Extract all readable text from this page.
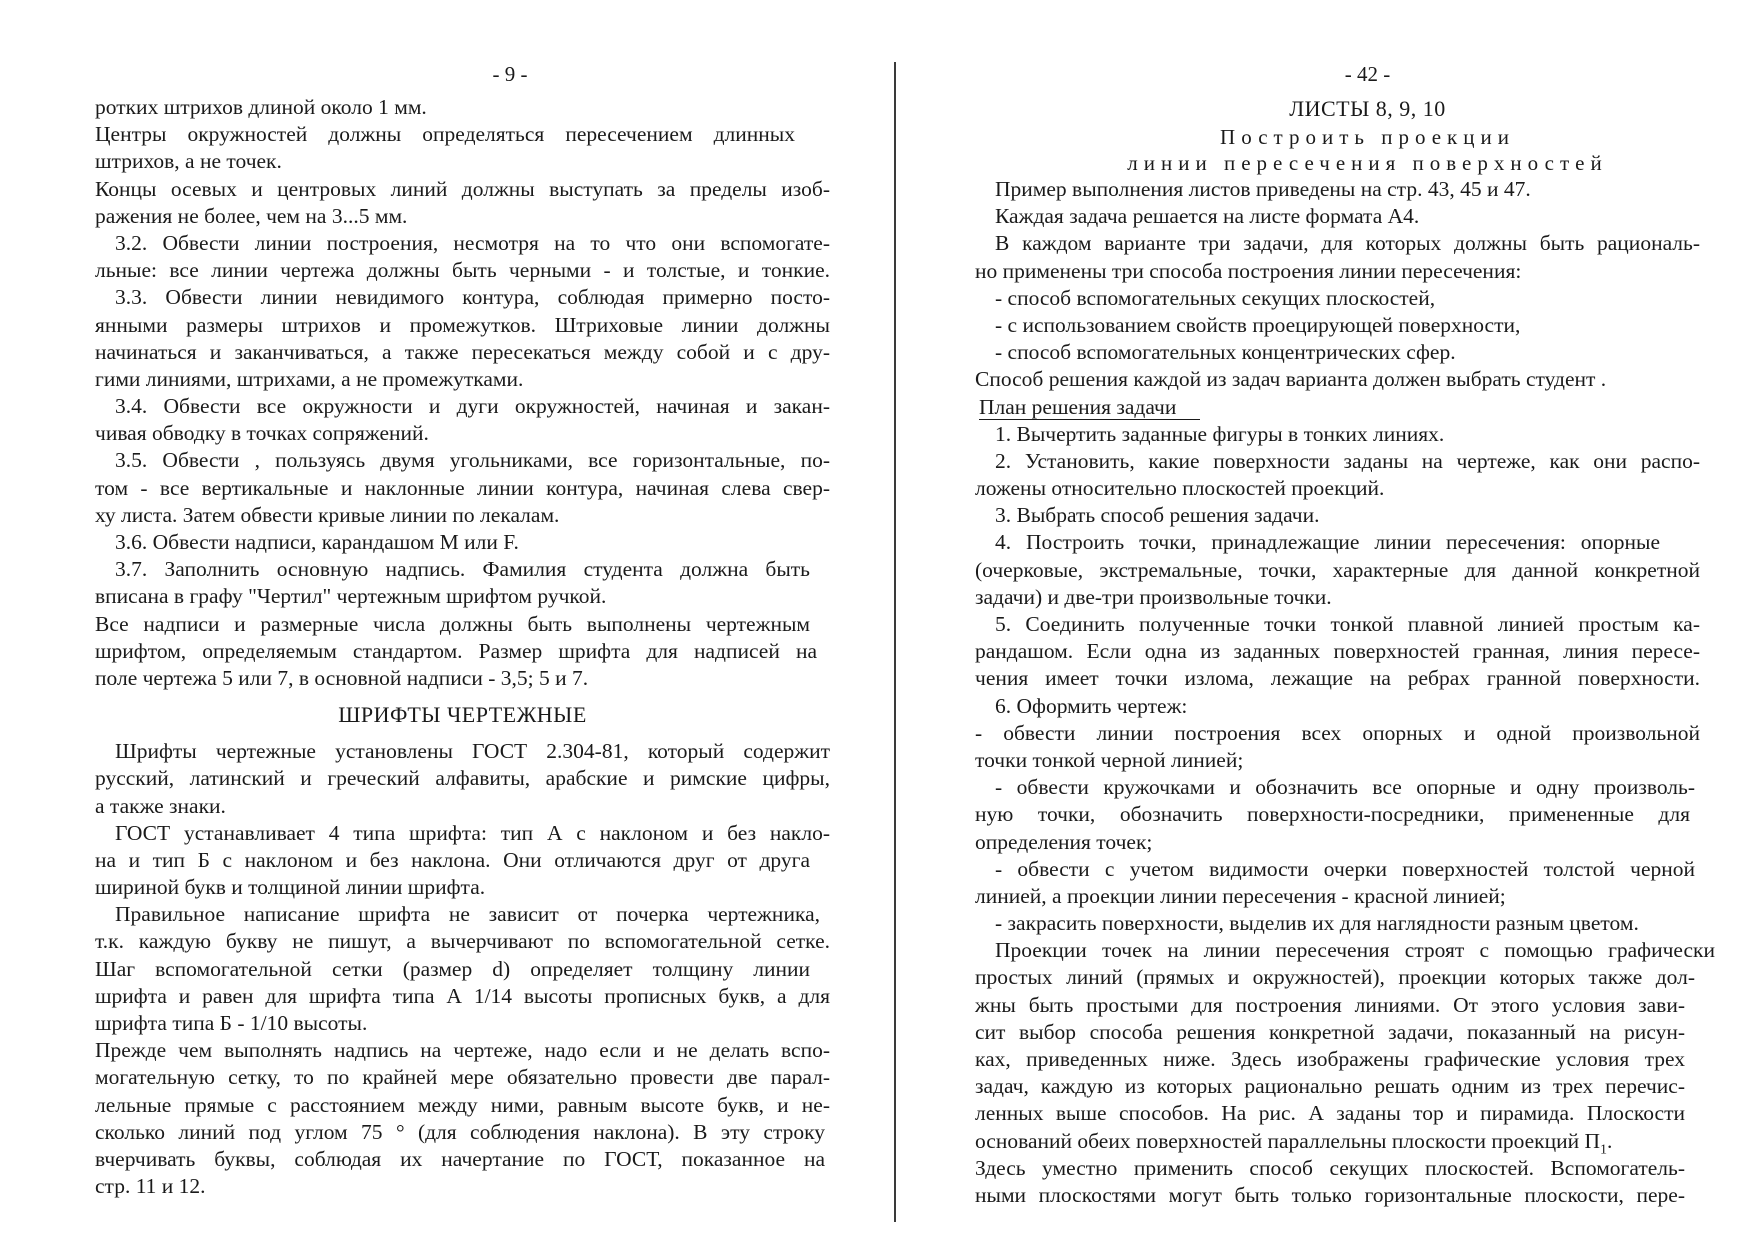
- 9 -
ротких штрихов длиной около 1 мм.
Центры окружностей должны определяться пересечением длинных
штрихов, а не точек.
Концы осевых и центровых линий должны выступать за пределы изоб-
ражения не более, чем на 3...5 мм.
3.2. Обвести линии построения, несмотря на то что они вспомогате-
льные: все линии чертежа должны быть черными - и толстые, и тонкие.
3.3. Обвести линии невидимого контура, соблюдая примерно посто-
янными размеры штрихов и промежутков. Штриховые линии должны
начинаться и заканчиваться, а также пересекаться между собой и с дру-
гими линиями, штрихами, а не промежутками.
3.4. Обвести все окружности и дуги окружностей, начиная и закан-
чивая обводку в точках сопряжений.
3.5. Обвести , пользуясь двумя угольниками, все горизонтальные, по-
том - все вертикальные и наклонные линии контура, начиная слева свер-
ху листа. Затем обвести кривые линии по лекалам.
3.6. Обвести надписи, карандашом М или F.
3.7. Заполнить основную надпись. Фамилия студента должна быть
вписана в графу "Чертил" чертежным шрифтом ручкой.
Все надписи и размерные числа должны быть выполнены чертежным
шрифтом, определяемым стандартом. Размер шрифта для надписей на
поле чертежа 5 или 7, в основной надписи - 3,5; 5 и 7.
ШРИФТЫ ЧЕРТЕЖНЫЕ
Шрифты чертежные установлены ГОСТ 2.304-81, который содержит
русский, латинский и греческий алфавиты, арабские и римские цифры,
а также знаки.
ГОСТ устанавливает 4 типа шрифта: тип А с наклоном и без накло-
на и тип Б с наклоном и без наклона. Они отличаются друг от друга
шириной букв и толщиной линии шрифта.
Правильное написание шрифта не зависит от почерка чертежника,
т.к. каждую букву не пишут, а вычерчивают по вспомогательной сетке.
Шаг вспомогательной сетки (размер d) определяет толщину линии
шрифта и равен для шрифта типа А 1/14 высоты прописных букв, а для
шрифта типа Б - 1/10 высоты.
Прежде чем выполнять надпись на чертеже, надо если и не делать вспо-
могательную сетку, то по крайней мере обязательно провести две парал-
лельные прямые с расстоянием между ними, равным высоте букв, и не-
сколько линий под углом 75 ° (для соблюдения наклона). В эту строку
вчерчивать буквы, соблюдая их начертание по ГОСТ, показанное на
стр. 11 и 12.
- 42 -
ЛИСТЫ 8, 9, 10
Построить проекции
линии пересечения поверхностей
Пример выполнения листов приведены на стр. 43, 45 и 47.
Каждая задача решается на листе формата А4.
В каждом варианте три задачи, для которых должны быть рациональ-
но применены три способа построения линии пересечения:
- способ вспомогательных секущих плоскостей,
- с использованием свойств проецирующей поверхности,
- способ вспомогательных концентрических сфер.
Способ решения каждой из задач варианта должен выбрать студент .
План решения задачи
1. Вычертить заданные фигуры в тонких линиях.
2. Установить, какие поверхности заданы на чертеже, как они распо-
ложены относительно плоскостей проекций.
3. Выбрать способ решения задачи.
4. Построить точки, принадлежащие линии пересечения: опорные
(очерковые, экстремальные, точки, характерные для данной конкретной
задачи) и две-три произвольные точки.
5. Соединить полученные точки тонкой плавной линией простым ка-
рандашом. Если одна из заданных поверхностей гранная, линия пересе-
чения имеет точки излома, лежащие на ребрах гранной поверхности.
6. Оформить чертеж:
- обвести линии построения всех опорных и одной произвольной
точки тонкой черной линией;
- обвести кружочками и обозначить все опорные и одну произволь-
ную точки, обозначить поверхности-посредники, примененные для
определения точек;
- обвести с учетом видимости очерки поверхностей толстой черной
линией, а проекции линии пересечения - красной линией;
- закрасить поверхности, выделив их для наглядности разным цветом.
Проекции точек на линии пересечения строят с помощью графически
простых линий (прямых и окружностей), проекции которых также дол-
жны быть простыми для построения линиями. От этого условия зави-
сит выбор способа решения конкретной задачи, показанный на рисун-
ках, приведенных ниже. Здесь изображены графические условия трех
задач, каждую из которых рационально решать одним из трех перечис-
ленных выше способов. На рис. А заданы тор и пирамида. Плоскости
оснований обеих поверхностей параллельны плоскости проекций $П_1$.
Здесь уместно применить способ секущих плоскостей. Вспомогатель-
ными плоскостями могут быть только горизонтальные плоскости, пере-
